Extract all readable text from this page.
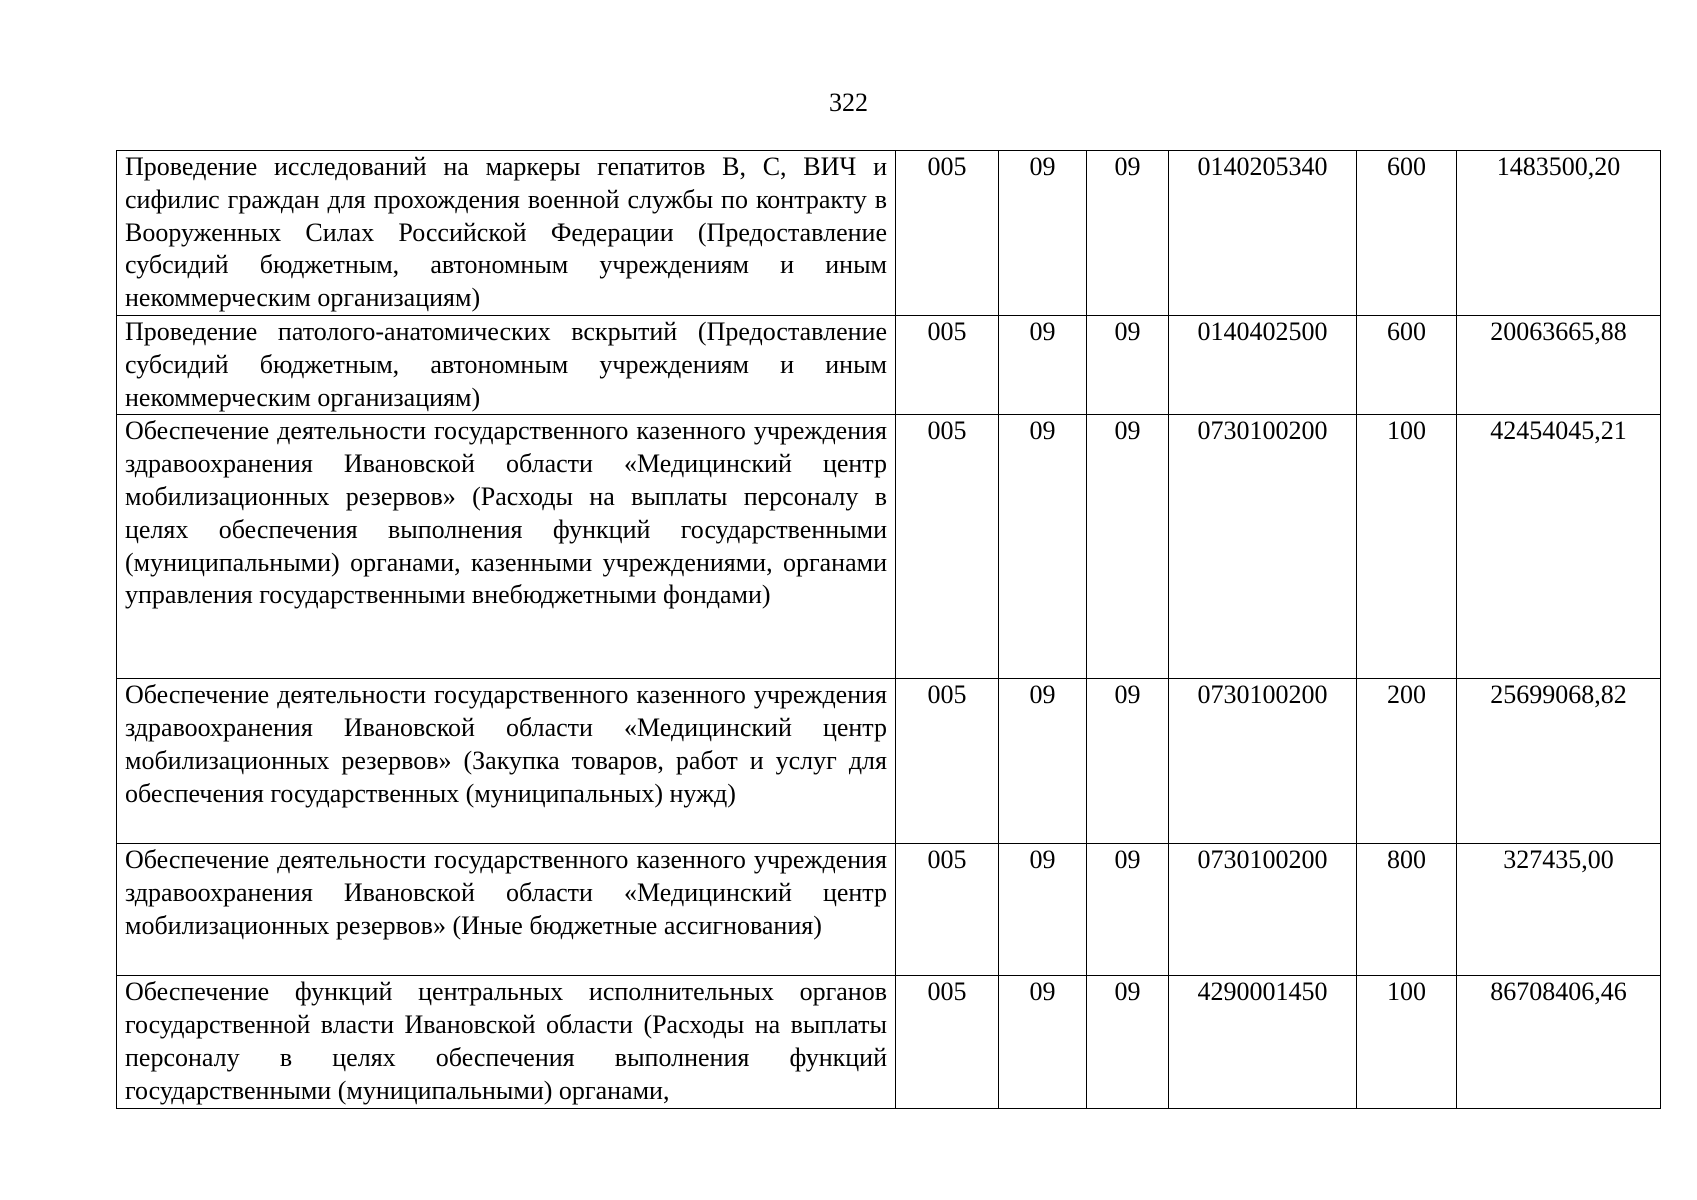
322
Проведение исследований на маркеры гепатитов В, С, ВИЧ и сифилис граждан для прохождения военной службы по контракту в Вооруженных Силах Российской Федерации (Предоставление субсидий бюджетным, автономным учреждениям и иным некоммерческим организациям)	005	09	09	0140205340	600	1483500,20
Проведение патолого-анатомических вскрытий (Предоставление субсидий бюджетным, автономным учреждениям и иным некоммерческим организациям)	005	09	09	0140402500	600	20063665,88
Обеспечение деятельности государственного казенного учреждения здравоохранения Ивановской области «Медицинский центр мобилизационных резервов» (Расходы на выплаты персоналу в целях обеспечения выполнения функций государственными (муниципальными) органами, казенными учреждениями, органами управления государственными внебюджетными фондами)	005	09	09	0730100200	100	42454045,21
Обеспечение деятельности государственного казенного учреждения здравоохранения Ивановской области «Медицинский центр мобилизационных резервов» (Закупка товаров, работ и услуг для обеспечения государственных (муниципальных) нужд)	005	09	09	0730100200	200	25699068,82
Обеспечение деятельности государственного казенного учреждения здравоохранения Ивановской области «Медицинский центр мобилизационных резервов» (Иные бюджетные ассигнования)	005	09	09	0730100200	800	327435,00
Обеспечение функций центральных исполнительных органов государственной власти Ивановской области (Расходы на выплаты персоналу в целях обеспечения выполнения функций государственными (муниципальными) органами,	005	09	09	4290001450	100	86708406,46
